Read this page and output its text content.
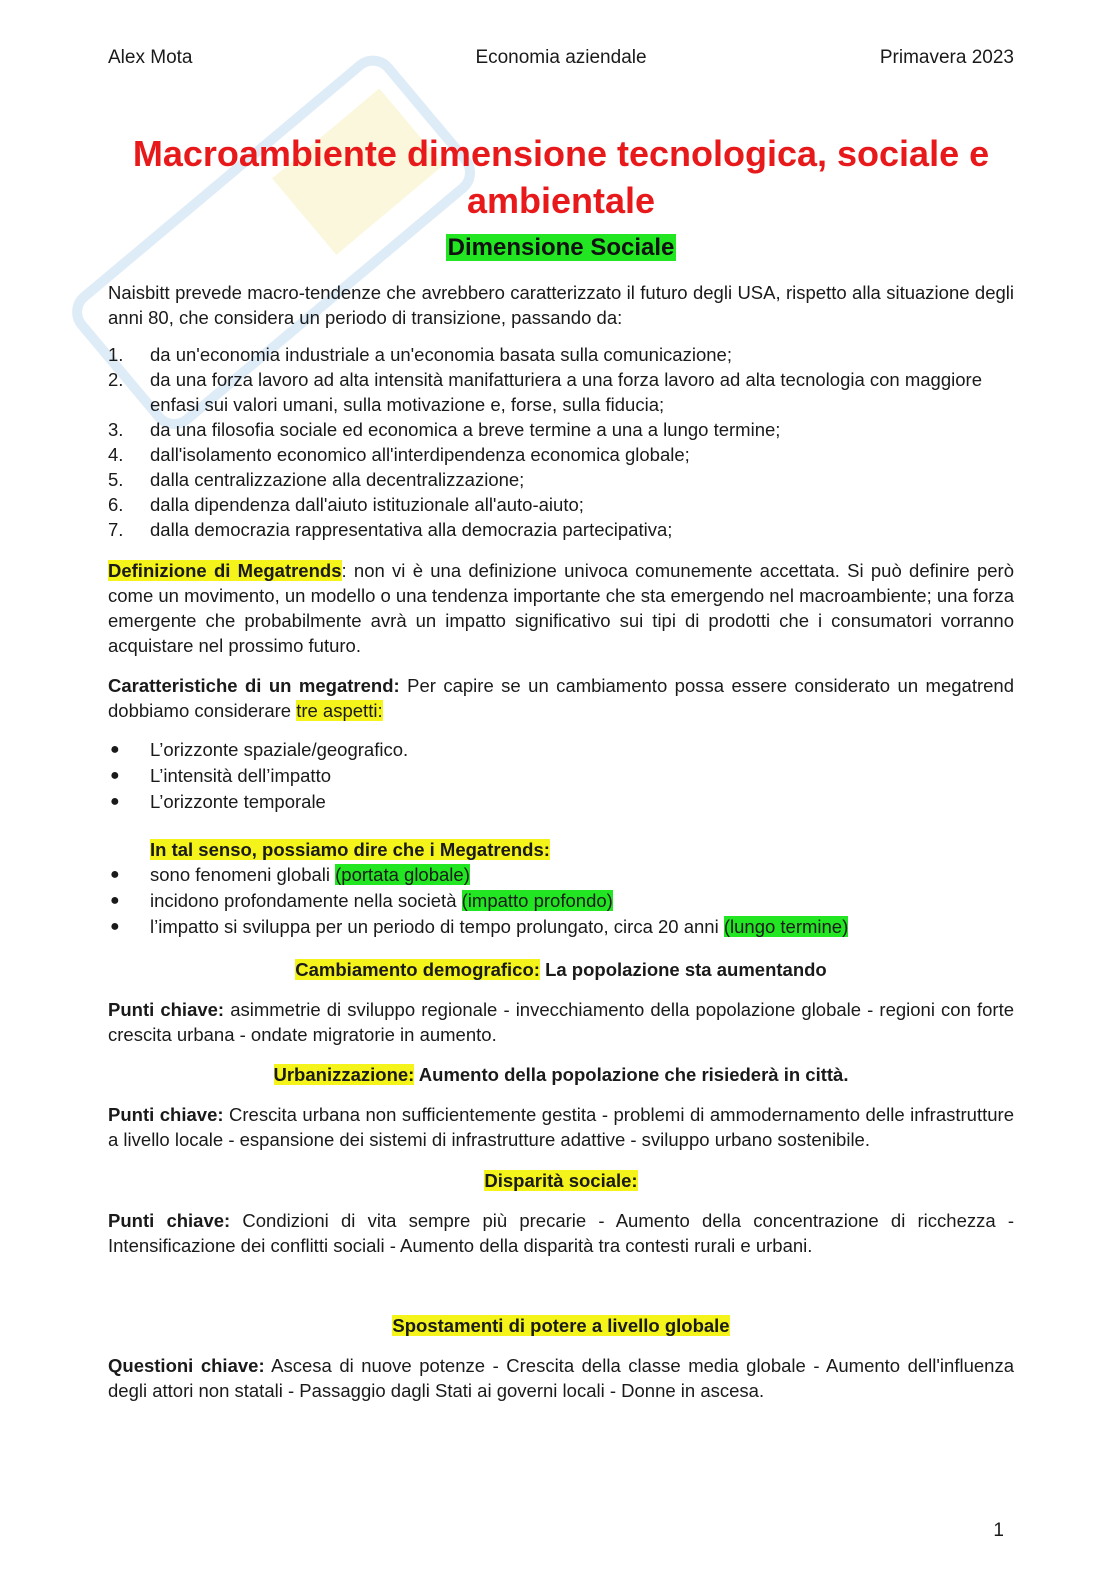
Alex Mota	Economia aziendale	Primavera 2023
Macroambiente dimensione tecnologica, sociale e ambientale
Dimensione Sociale

Naisbitt prevede macro-tendenze che avrebbero caratterizzato il futuro degli USA, rispetto alla situazione degli anni 80, che considera un periodo di transizione, passando da:

1. da un'economia industriale a un'economia basata sulla comunicazione;
2. da una forza lavoro ad alta intensità manifatturiera a una forza lavoro ad alta tecnologia con maggiore enfasi sui valori umani, sulla motivazione e, forse, sulla fiducia;
3. da una filosofia sociale ed economica a breve termine a una a lungo termine;
4. dall'isolamento economico all'interdipendenza economica globale;
5. dalla centralizzazione alla decentralizzazione;
6. dalla dipendenza dall'aiuto istituzionale all'auto-aiuto;
7. dalla democrazia rappresentativa alla democrazia partecipativa;

Definizione di Megatrends: non vi è una definizione univoca comunemente accettata. Si può definire però come un movimento, un modello o una tendenza importante che sta emergendo nel macroambiente; una forza emergente che probabilmente avrà un impatto significativo sui tipi di prodotti che i consumatori vorranno acquistare nel prossimo futuro.

Caratteristiche di un megatrend: Per capire se un cambiamento possa essere considerato un megatrend dobbiamo considerare tre aspetti:

● L’orizzonte spaziale/geografico.
● L’intensità dell’impatto
● L’orizzonte temporale

In tal senso, possiamo dire che i Megatrends:

● sono fenomeni globali (portata globale)
● incidono profondamente nella società (impatto profondo)
● l’impatto si sviluppa per un periodo di tempo prolungato, circa 20 anni (lungo termine)
Cambiamento demografico: La popolazione sta aumentando

Punti chiave: asimmetrie di sviluppo regionale - invecchiamento della popolazione globale - regioni con forte crescita urbana - ondate migratorie in aumento.

Urbanizzazione: Aumento della popolazione che risiederà in città.

Punti chiave: Crescita urbana non sufficientemente gestita - problemi di ammodernamento delle infrastrutture a livello locale - espansione dei sistemi di infrastrutture adattive - sviluppo urbano sostenibile.

Disparità sociale:

Punti chiave: Condizioni di vita sempre più precarie - Aumento della concentrazione di ricchezza - Intensificazione dei conflitti sociali - Aumento della disparità tra contesti rurali e urbani.

Spostamenti di potere a livello globale

Questioni chiave: Ascesa di nuove potenze - Crescita della classe media globale - Aumento dell'influenza degli attori non statali - Passaggio dagli Stati ai governi locali - Donne in ascesa.

1
